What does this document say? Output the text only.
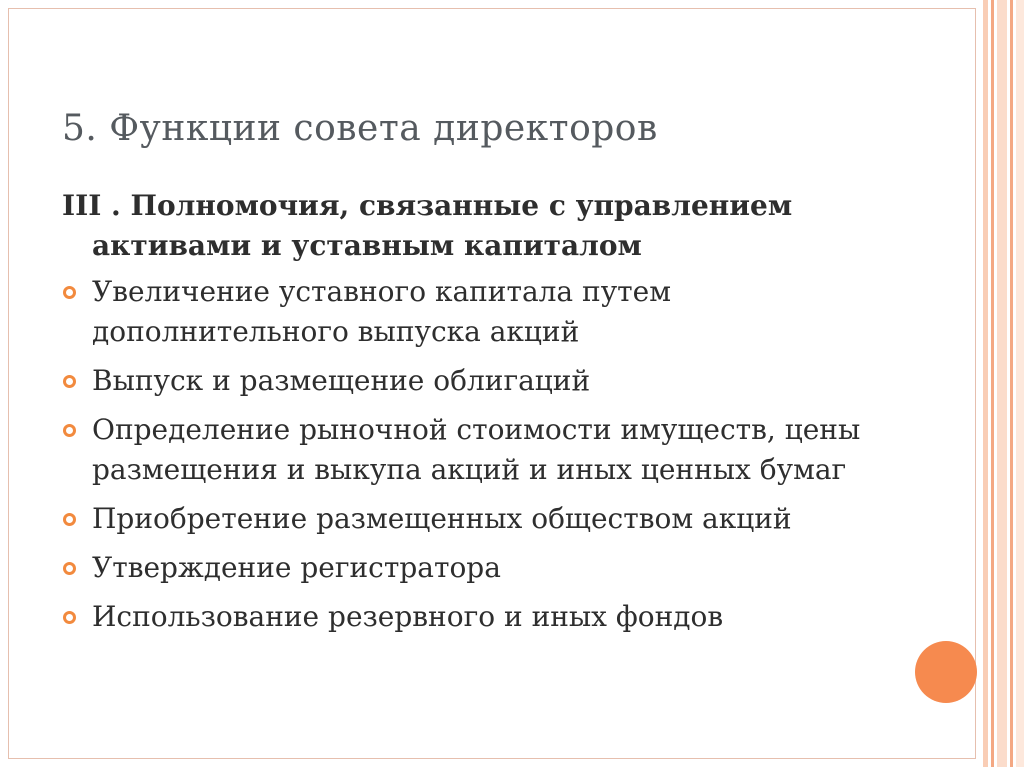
5. Функции совета директоров

III . Полномочия, связанные с управлением активами и уставным капиталом

Увеличение уставного капитала путем дополнительного выпуска акций
Выпуск и размещение облигаций
Определение рыночной стоимости имуществ, цены размещения и выкупа акций и иных ценных бумаг
Приобретение размещенных обществом акций
Утверждение регистратора
Использование резервного и иных фондов
